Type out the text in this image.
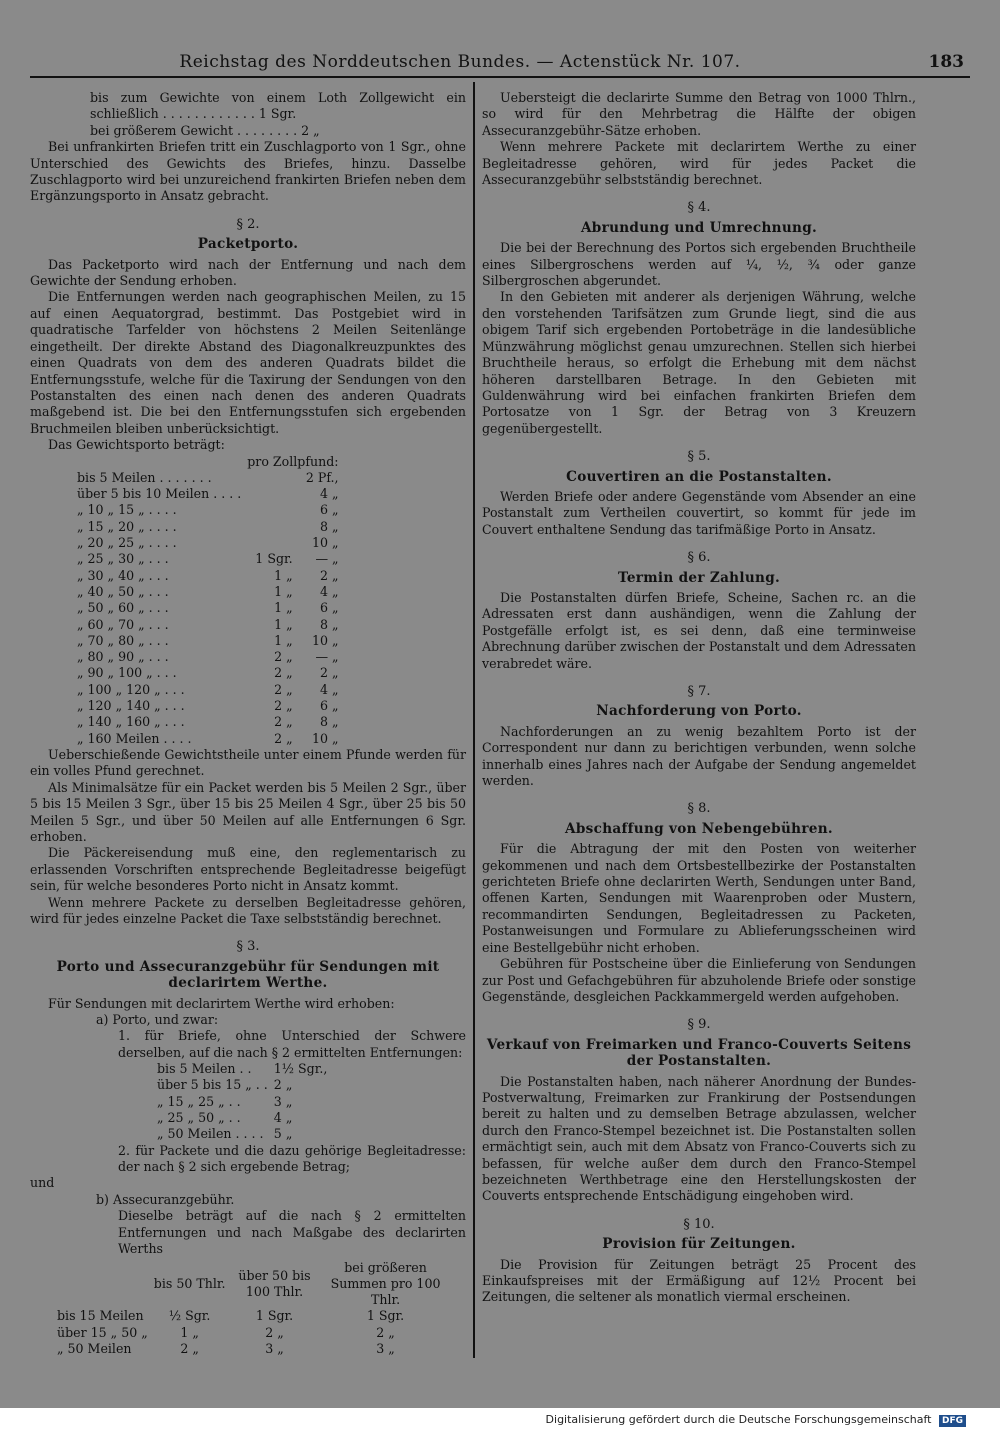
Reichstag des Norddeutschen Bundes. — Actenstück Nr. 107.	183

bis zum Gewichte von einem Loth Zollgewicht ein schließlich . . . . . . . . . . . . 1 Sgr.

bei größerem Gewicht . . . . . . . . 2 „

Bei unfrankirten Briefen tritt ein Zuschlagporto von 1 Sgr., ohne Unterschied des Gewichts des Briefes, hinzu. Dasselbe Zuschlagporto wird bei unzureichend frankirten Briefen neben dem Ergänzungsporto in Ansatz gebracht.

§ 2.
Packetporto.

Das Packetporto wird nach der Entfernung und nach dem Gewichte der Sendung erhoben.

Die Entfernungen werden nach geographischen Meilen, zu 15 auf einen Aequatorgrad, bestimmt. Das Postgebiet wird in quadratische Tarfelder von höchstens 2 Meilen Seitenlänge eingetheilt. Der direkte Abstand des Diagonalkreuzpunktes des einen Quadrats von dem des anderen Quadrats bildet die Entfernungsstufe, welche für die Taxirung der Sendungen von den Postanstalten des einen nach denen des anderen Quadrats maßgebend ist. Die bei den Entfernungsstufen sich ergebenden Bruchmeilen bleiben unberücksichtigt.

Das Gewichtsporto beträgt:

	pro Zollpfund:	
bis 5 Meilen . . . . . . .		2 Pf.,
über 5 bis 10 Meilen . . . .		4 „
„ 10 „ 15 „ . . . .		6 „
„ 15 „ 20 „ . . . .		8 „
„ 20 „ 25 „ . . . .		10 „
„ 25 „ 30 „ . . .	1 Sgr.	— „
„ 30 „ 40 „ . . .	1 „	2 „
„ 40 „ 50 „ . . .	1 „	4 „
„ 50 „ 60 „ . . .	1 „	6 „
„ 60 „ 70 „ . . .	1 „	8 „
„ 70 „ 80 „ . . .	1 „	10 „
„ 80 „ 90 „ . . .	2 „	— „
„ 90 „ 100 „ . . .	2 „	2 „
„ 100 „ 120 „ . . .	2 „	4 „
„ 120 „ 140 „ . . .	2 „	6 „
„ 140 „ 160 „ . . .	2 „	8 „
„ 160 Meilen . . . .	2 „	10 „

Ueberschießende Gewichtstheile unter einem Pfunde werden für ein volles Pfund gerechnet.

Als Minimalsätze für ein Packet werden bis 5 Meilen 2 Sgr., über 5 bis 15 Meilen 3 Sgr., über 15 bis 25 Meilen 4 Sgr., über 25 bis 50 Meilen 5 Sgr., und über 50 Meilen auf alle Entfernungen 6 Sgr. erhoben.

Die Päckereisendung muß eine, den reglementarisch zu erlassenden Vorschriften entsprechende Begleitadresse beigefügt sein, für welche besonderes Porto nicht in Ansatz kommt.

Wenn mehrere Packete zu derselben Begleitadresse gehören, wird für jedes einzelne Packet die Taxe selbstständig berechnet.

§ 3.
Porto und Assecuranzgebühr für Sendungen mit declarirtem Werthe.

Für Sendungen mit declarirtem Werthe wird erhoben:

a) Porto, und zwar:

1. für Briefe, ohne Unterschied der Schwere derselben, auf die nach § 2 ermittelten Entfernungen:

bis 5 Meilen . .	1½ Sgr.,
über 5 bis 15 „ . .	2 „
„ 15 „ 25 „ . .	3 „
„ 25 „ 50 „ . .	4 „
„ 50 Meilen . . . .	5 „

2. für Packete und die dazu gehörige Begleitadresse: der nach § 2 sich ergebende Betrag;

und

b) Assecuranzgebühr.

Dieselbe beträgt auf die nach § 2 ermittelten Entfernungen und nach Maßgabe des declarirten Werths

	bis 50 Thlr.	über 50 bis 100 Thlr.	bei größeren Summen pro 100 Thlr.
bis 15 Meilen	½ Sgr.	1 Sgr.	1 Sgr.
über 15 „ 50 „	1 „	2 „	2 „
„ 50 Meilen	2 „	3 „	3 „

Uebersteigt die declarirte Summe den Betrag von 1000 Thlrn., so wird für den Mehrbetrag die Hälfte der obigen Assecuranzgebühr-Sätze erhoben.

Wenn mehrere Packete mit declarirtem Werthe zu einer Begleitadresse gehören, wird für jedes Packet die Assecuranzgebühr selbstständig berechnet.

§ 4.
Abrundung und Umrechnung.

Die bei der Berechnung des Portos sich ergebenden Bruchtheile eines Silbergroschens werden auf ¼, ½, ¾ oder ganze Silbergroschen abgerundet.

In den Gebieten mit anderer als derjenigen Währung, welche den vorstehenden Tarifsätzen zum Grunde liegt, sind die aus obigem Tarif sich ergebenden Portobeträge in die landesübliche Münzwährung möglichst genau umzurechnen. Stellen sich hierbei Bruchtheile heraus, so erfolgt die Erhebung mit dem nächst höheren darstellbaren Betrage. In den Gebieten mit Guldenwährung wird bei einfachen frankirten Briefen dem Portosatze von 1 Sgr. der Betrag von 3 Kreuzern gegenübergestellt.

§ 5.
Couvertiren an die Postanstalten.

Werden Briefe oder andere Gegenstände vom Absender an eine Postanstalt zum Vertheilen couvertirt, so kommt für jede im Couvert enthaltene Sendung das tarifmäßige Porto in Ansatz.

§ 6.
Termin der Zahlung.

Die Postanstalten dürfen Briefe, Scheine, Sachen rc. an die Adressaten erst dann aushändigen, wenn die Zahlung der Postgefälle erfolgt ist, es sei denn, daß eine terminweise Abrechnung darüber zwischen der Postanstalt und dem Adressaten verabredet wäre.

§ 7.
Nachforderung von Porto.

Nachforderungen an zu wenig bezahltem Porto ist der Correspondent nur dann zu berichtigen verbunden, wenn solche innerhalb eines Jahres nach der Aufgabe der Sendung angemeldet werden.

§ 8.
Abschaffung von Nebengebühren.

Für die Abtragung der mit den Posten von weiterher gekommenen und nach dem Ortsbestellbezirke der Postanstalten gerichteten Briefe ohne declarirten Werth, Sendungen unter Band, offenen Karten, Sendungen mit Waarenproben oder Mustern, recommandirten Sendungen, Begleitadressen zu Packeten, Postanweisungen und Formulare zu Ablieferungsscheinen wird eine Bestellgebühr nicht erhoben.

Gebühren für Postscheine über die Einlieferung von Sendungen zur Post und Gefachgebühren für abzuholende Briefe oder sonstige Gegenstände, desgleichen Packkammergeld werden aufgehoben.

§ 9.
Verkauf von Freimarken und Franco-Couverts Seitens der Postanstalten.

Die Postanstalten haben, nach näherer Anordnung der Bundes-Postverwaltung, Freimarken zur Frankirung der Postsendungen bereit zu halten und zu demselben Betrage abzulassen, welcher durch den Franco-Stempel bezeichnet ist. Die Postanstalten sollen ermächtigt sein, auch mit dem Absatz von Franco-Couverts sich zu befassen, für welche außer dem durch den Franco-Stempel bezeichneten Werthbetrage eine den Herstellungskosten der Couverts entsprechende Entschädigung eingehoben wird.

§ 10.
Provision für Zeitungen.

Die Provision für Zeitungen beträgt 25 Procent des Einkaufspreises mit der Ermäßigung auf 12½ Procent bei Zeitungen, die seltener als monatlich viermal erscheinen.

Digitalisierung gefördert durch die Deutsche Forschungsgemeinschaft DFG
